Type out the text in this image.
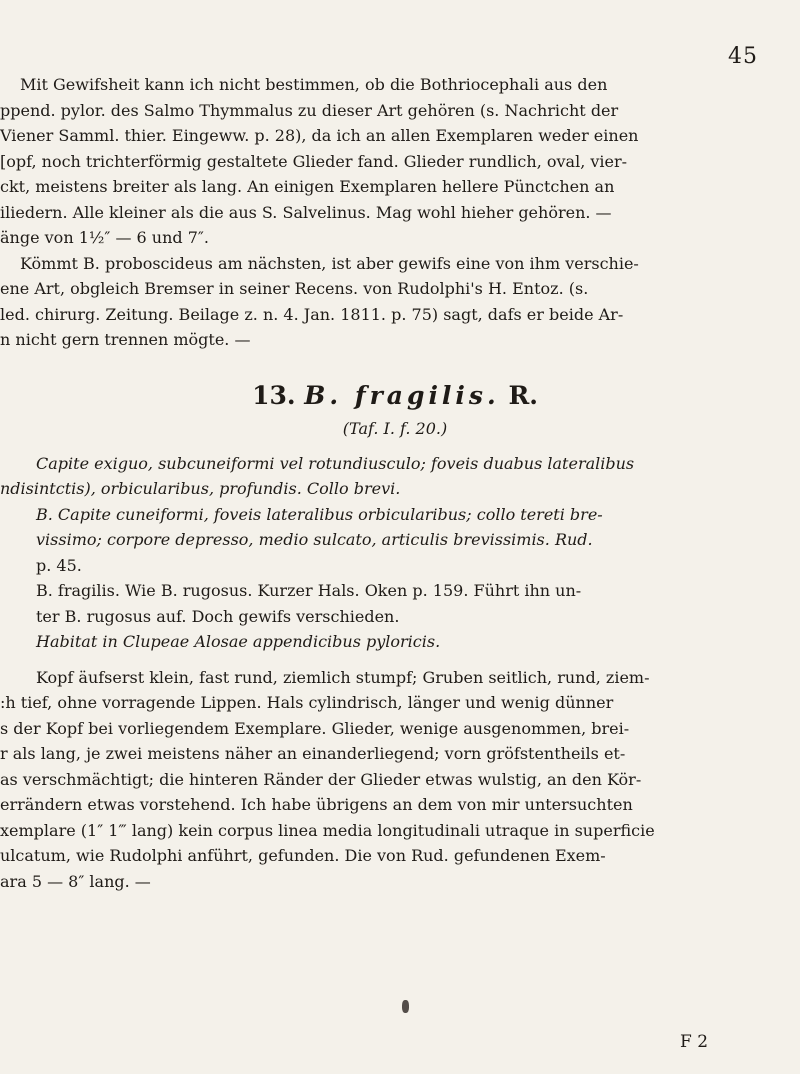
45
Mit Gewifsheit kann ich nicht bestimmen, ob die Bothriocephali aus den
ppend. pylor. des Salmo Thymmalus zu dieser Art gehören (s. Nachricht der
Viener Samml. thier. Eingeww. p. 28), da ich an allen Exemplaren weder einen
[opf, noch trichterförmig gestaltete Glieder fand. Glieder rundlich, oval, vier-
ckt, meistens breiter als lang. An einigen Exemplaren hellere Pünctchen an
iliedern. Alle kleiner als die aus S. Salvelinus. Mag wohl hieher gehören. —
änge von 1½″ — 6 und 7″.
Kömmt B. proboscideus am nächsten, ist aber gewifs eine von ihm verschie-
ene Art, obgleich Bremser in seiner Recens. von Rudolphi's H. Entoz. (s.
led. chirurg. Zeitung. Beilage z. n. 4. Jan. 1811. p. 75) sagt, dafs er beide Ar-
n nicht gern trennen mögte. —
13. B. fragilis. R.
(Taf. I. f. 20.)
Capite exiguo, subcuneiformi vel rotundiusculo; foveis duabus lateralibus
ndisintctis), orbicularibus, profundis. Collo brevi.
B. Capite cuneiformi, foveis lateralibus orbicularibus; collo tereti bre-
vissimo; corpore depresso, medio sulcato, articulis brevissimis. Rud.
p. 45.
B. fragilis. Wie B. rugosus. Kurzer Hals. Oken p. 159. Führt ihn un-
ter B. rugosus auf. Doch gewifs verschieden.
Habitat in Clupeae Alosae appendicibus pyloricis.
Kopf äufserst klein, fast rund, ziemlich stumpf; Gruben seitlich, rund, ziem-
:h tief, ohne vorragende Lippen. Hals cylindrisch, länger und wenig dünner
s der Kopf bei vorliegendem Exemplare. Glieder, wenige ausgenommen, brei-
r als lang, je zwei meistens näher an einanderliegend; vorn gröfstentheils et-
as verschmächtigt; die hinteren Ränder der Glieder etwas wulstig, an den Kör-
errändern etwas vorstehend. Ich habe übrigens an dem von mir untersuchten
xemplare (1″ 1‴ lang) kein corpus linea media longitudinali utraque in superficie
ulcatum, wie Rudolphi anführt, gefunden. Die von Rud. gefundenen Exem-
ara 5 — 8″ lang. —
F 2
